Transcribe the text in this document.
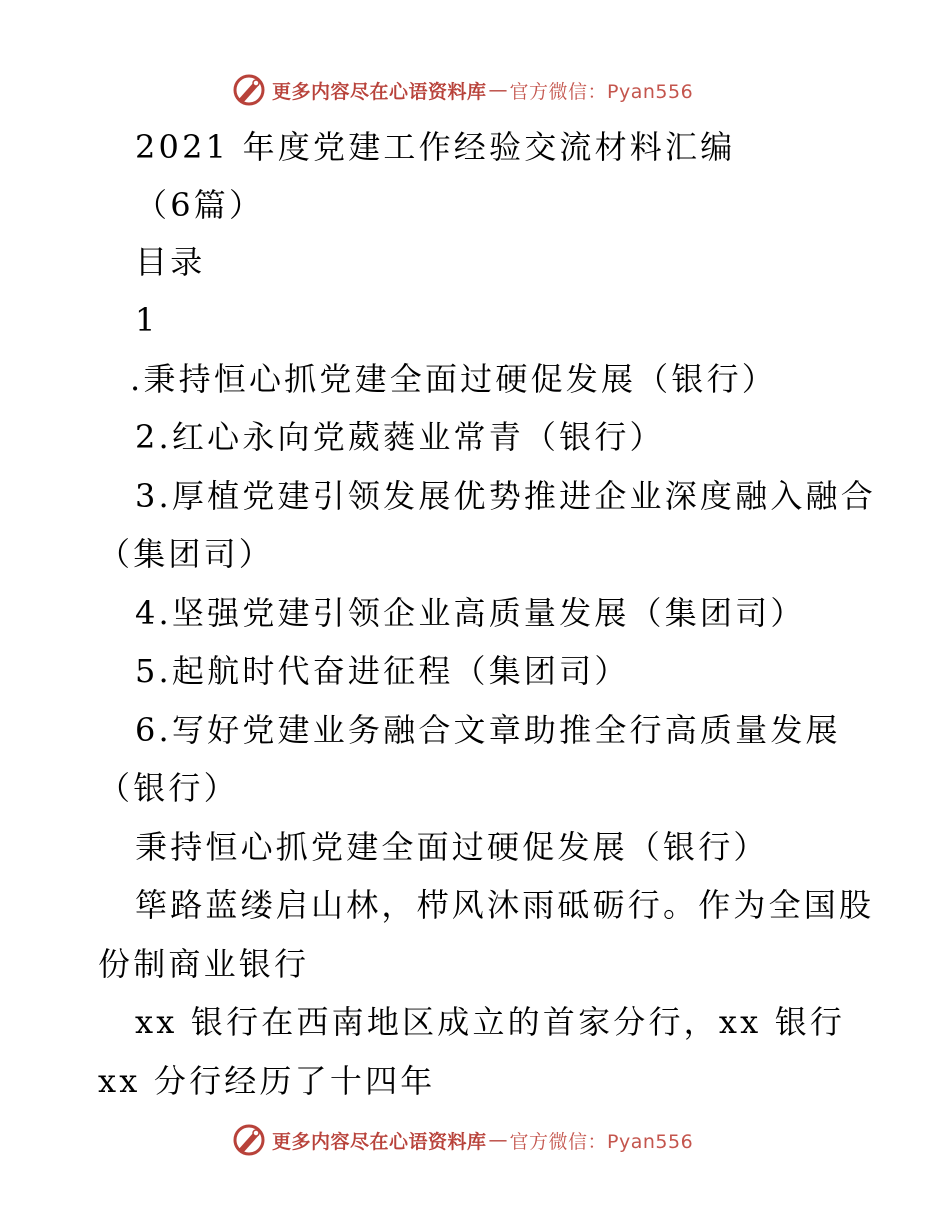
更多内容尽在心语资料库 — 官方微信：Pyan556
2021 年度党建工作经验交流材料汇编
（6篇）
目录
1
.秉持恒心抓党建全面过硬促发展（银行）
2.红心永向党葳蕤业常青（银行）
3.厚植党建引领发展优势推进企业深度融入融合
（集团司）
4.坚强党建引领企业高质量发展（集团司）
5.起航时代奋进征程（集团司）
6.写好党建业务融合文章助推全行高质量发展
（银行）
秉持恒心抓党建全面过硬促发展（银行）
筚路蓝缕启山林，栉风沐雨砥砺行。作为全国股
份制商业银行
xx 银行在西南地区成立的首家分行，xx 银行
xx 分行经历了十四年
更多内容尽在心语资料库 — 官方微信：Pyan556
